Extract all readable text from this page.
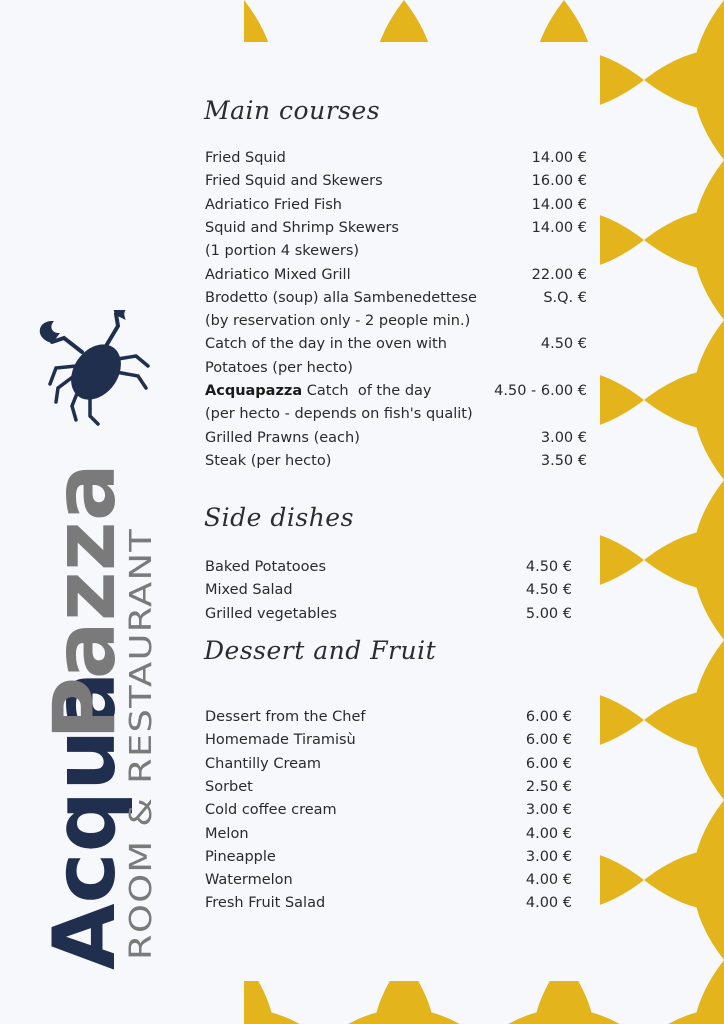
Acqua
Pazza
ROOM & RESTAURANT
Main courses
Fried Squid	14.00 €
Fried Squid and Skewers	16.00 €
Adriatico Fried Fish	14.00 €
Squid and Shrimp Skewers	14.00 €
(1 portion 4 skewers)
Adriatico Mixed Grill	22.00 €
Brodetto (soup) alla Sambenedettese	S.Q. €
(by reservation only - 2 people min.)
Catch of the day in the oven with	4.50 €
Potatoes (per hecto)
Acquapazza Catch  of the day	4.50 - 6.00 €
(per hecto - depends on fish's qualit)
Grilled Prawns (each)	3.00 €
Steak (per hecto)	3.50 €
Side dishes
Baked Potatooes	4.50 €
Mixed Salad	4.50 €
Grilled vegetables	5.00 €
Dessert and Fruit
Dessert from the Chef	6.00 €
Homemade Tiramisù	6.00 €
Chantilly Cream	6.00 €
Sorbet	2.50 €
Cold coffee cream	3.00 €
Melon	4.00 €
Pineapple	3.00 €
Watermelon	4.00 €
Fresh Fruit Salad	4.00 €
